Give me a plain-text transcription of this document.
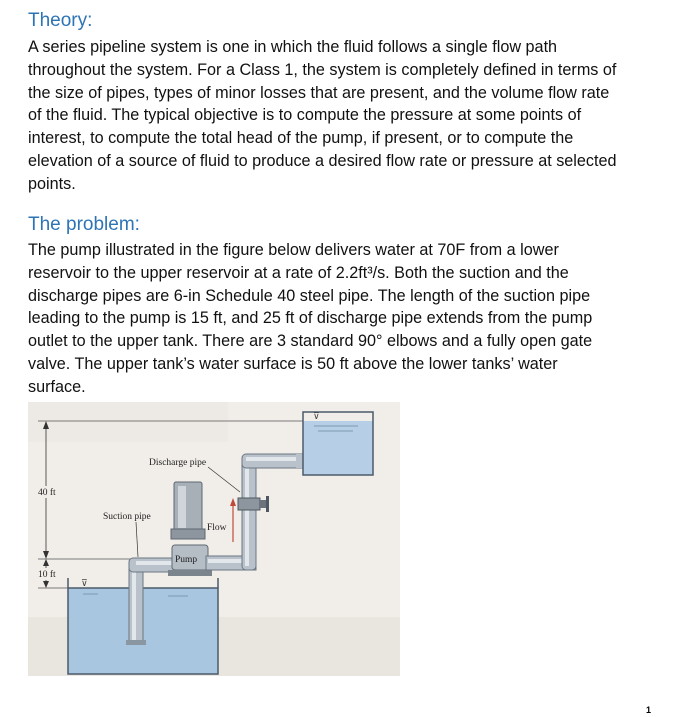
Theory:
A series pipeline system is one in which the fluid follows a single flow path
throughout the system. For a Class 1, the system is completely defined in terms of
the size of pipes, types of minor losses that are present, and the volume flow rate
of the fluid. The typical objective is to compute the pressure at some points of
interest, to compute the total head of the pump, if present, or to compute the
elevation of a source of fluid to produce a desired flow rate or pressure at selected
points.
The problem:
The pump illustrated in the figure below delivers water at 70F from a lower
reservoir to the upper reservoir at a rate of 2.2ft³/s. Both the suction and the
discharge pipes are 6-in Schedule 40 steel pipe. The length of the suction pipe
leading to the pump is 15 ft, and 25 ft of discharge pipe extends from the pump
outlet to the upper tank. There are 3 standard 90° elbows and a fully open gate
valve. The upper tank’s water surface is 50 ft above the lower tanks’ water
surface.
40 ft
10 ft
⊽
Pump
Flow
⊽
Discharge pipe
Suction pipe
1
